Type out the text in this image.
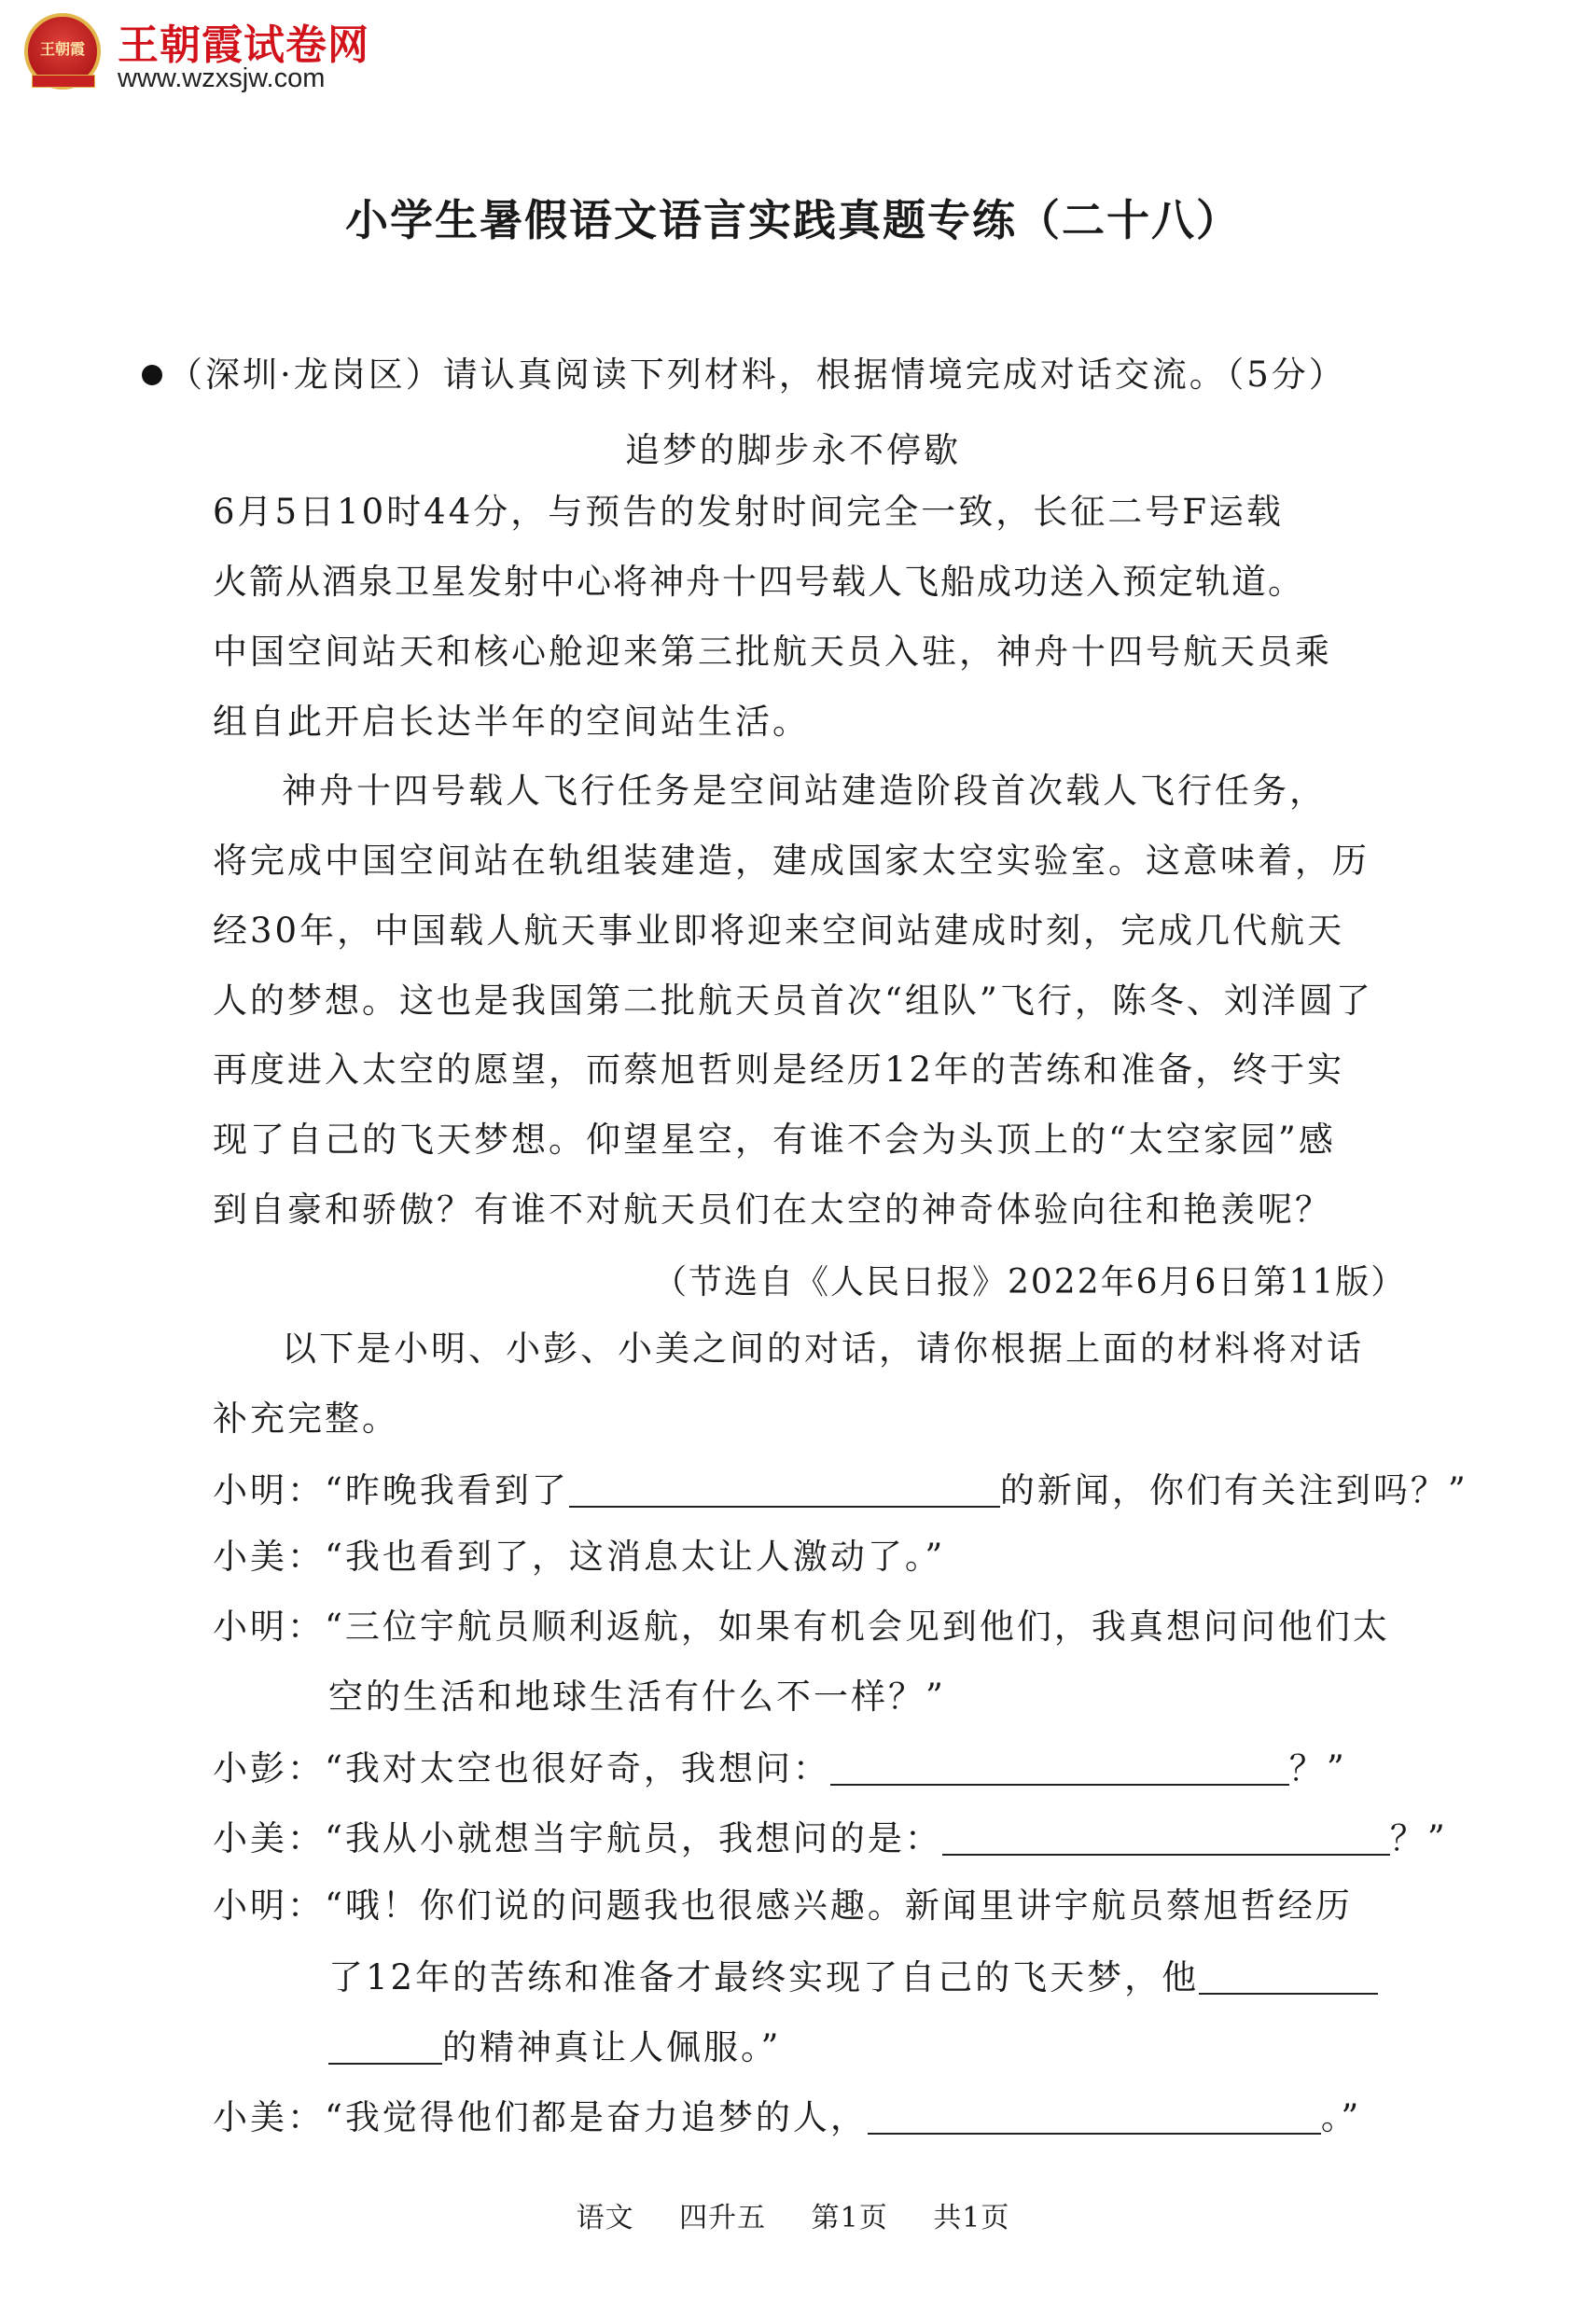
王朝霞 王朝霞试卷网
www.wzxsjw.com
小学生暑假语文语言实践真题专练（二十八）
（深圳·龙岗区）请认真阅读下列材料，根据情境完成对话交流。（5分）
追梦的脚步永不停歇
6月5日10时44分，与预告的发射时间完全一致，长征二号F运载
火箭从酒泉卫星发射中心将神舟十四号载人飞船成功送入预定轨道。
中国空间站天和核心舱迎来第三批航天员入驻，神舟十四号航天员乘
组自此开启长达半年的空间站生活。
神舟十四号载人飞行任务是空间站建造阶段首次载人飞行任务，
将完成中国空间站在轨组装建造，建成国家太空实验室。这意味着，历
经30年，中国载人航天事业即将迎来空间站建成时刻，完成几代航天
人的梦想。这也是我国第二批航天员首次“组队”飞行，陈冬、刘洋圆了
再度进入太空的愿望，而蔡旭哲则是经历12年的苦练和准备，终于实
现了自己的飞天梦想。仰望星空，有谁不会为头顶上的“太空家园”感
到自豪和骄傲？有谁不对航天员们在太空的神奇体验向往和艳羡呢？
（节选自《人民日报》2022年6月6日第11版）
以下是小明、小彭、小美之间的对话，请你根据上面的材料将对话
补充完整。
小明：“昨晚我看到了	的新闻，你们有关注到吗？”
小美：“我也看到了，这消息太让人激动了。”
小明：“三位宇航员顺利返航，如果有机会见到他们，我真想问问他们太
空的生活和地球生活有什么不一样？”
小彭：“我对太空也很好奇，我想问：	？”
小美：“我从小就想当宇航员，我想问的是：	？”
小明：“哦！你们说的问题我也很感兴趣。新闻里讲宇航员蔡旭哲经历
了12年的苦练和准备才最终实现了自己的飞天梦，他
的精神真让人佩服。”
小美：“我觉得他们都是奋力追梦的人，	。”
语文 四升五 第1页 共1页
